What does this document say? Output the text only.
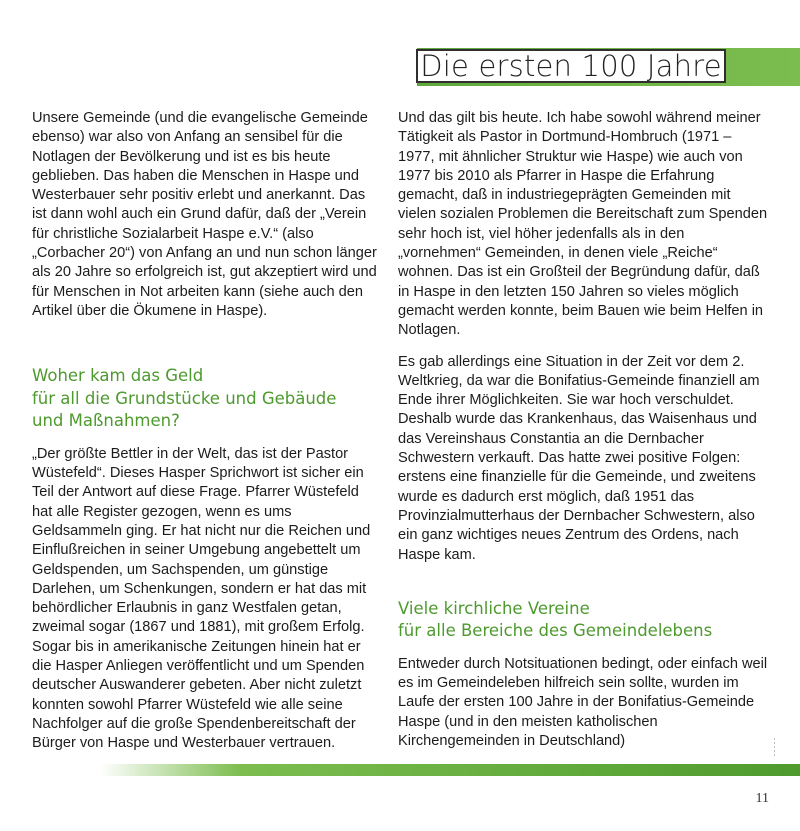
Die ersten 100 Jahre

Unsere Gemeinde (und die evangelische Gemeinde ebenso) war also von Anfang an sensibel für die Notlagen der Bevölkerung und ist es bis heute geblieben. Das haben die Menschen in Haspe und Westerbauer sehr positiv erlebt und anerkannt. Das ist dann wohl auch ein Grund dafür, daß der „Verein für christliche Sozialarbeit Haspe e.V.“ (also „Corbacher 20“) von Anfang an und nun schon länger als 20 Jahre so erfolgreich ist, gut akzeptiert wird und für Menschen in Not arbeiten kann (siehe auch den Artikel über die Ökumene in Haspe).

Woher kam das Geld
für all die Grundstücke und Gebäude
und Maßnahmen?

„Der größte Bettler in der Welt, das ist der Pastor Wüstefeld“. Dieses Hasper Sprichwort ist sicher ein Teil der Antwort auf diese Frage. Pfarrer Wüstefeld hat alle Register gezogen, wenn es ums Geldsammeln ging. Er hat nicht nur die Reichen und Einflußreichen in seiner Umgebung angebettelt um Geldspenden, um Sachspenden, um günstige Darlehen, um Schenkungen, sondern er hat das mit behördlicher Erlaubnis in ganz Westfalen getan, zweimal sogar (1867 und 1881), mit großem Erfolg. Sogar bis in amerikanische Zeitungen hinein hat er die Hasper Anliegen veröffentlicht und um Spenden deutscher Auswanderer gebeten. Aber nicht zuletzt konnten sowohl Pfarrer Wüstefeld wie alle seine Nachfolger auf die große Spendenbereitschaft der Bürger von Haspe und Westerbauer vertrauen.

Und das gilt bis heute. Ich habe sowohl während meiner Tätigkeit als Pastor in Dortmund-Hombruch (1971 – 1977, mit ähnlicher Struktur wie Haspe) wie auch von 1977 bis 2010 als Pfarrer in Haspe die Erfahrung gemacht, daß in industriegeprägten Gemeinden mit vielen sozialen Problemen die Bereitschaft zum Spenden sehr hoch ist, viel höher jedenfalls als in den „vornehmen“ Gemeinden, in denen viele „Reiche“ wohnen. Das ist ein Großteil der Begründung dafür, daß in Haspe in den letzten 150 Jahren so vieles möglich gemacht werden konnte, beim Bauen wie beim Helfen in Notlagen.

Es gab allerdings eine Situation in der Zeit vor dem 2. Weltkrieg, da war die Bonifatius-Gemeinde finanziell am Ende ihrer Möglichkeiten. Sie war hoch verschuldet. Deshalb wurde das Krankenhaus, das Waisenhaus und das Vereinshaus Constantia an die Dernbacher Schwestern verkauft. Das hatte zwei positive Folgen: erstens eine finanzielle für die Gemeinde, und zweitens wurde es dadurch erst möglich, daß 1951 das Provinzialmutterhaus der Dernbacher Schwestern, also ein ganz wichtiges neues Zentrum des Ordens, nach Haspe kam.

Viele kirchliche Vereine
für alle Bereiche des Gemeindelebens

Entweder durch Notsituationen bedingt, oder einfach weil es im Gemeindeleben hilfreich sein sollte, wurden im Laufe der ersten 100 Jahre in der Bonifatius-Gemeinde Haspe (und in den meisten katholischen Kirchengemeinden in Deutschland)

11
